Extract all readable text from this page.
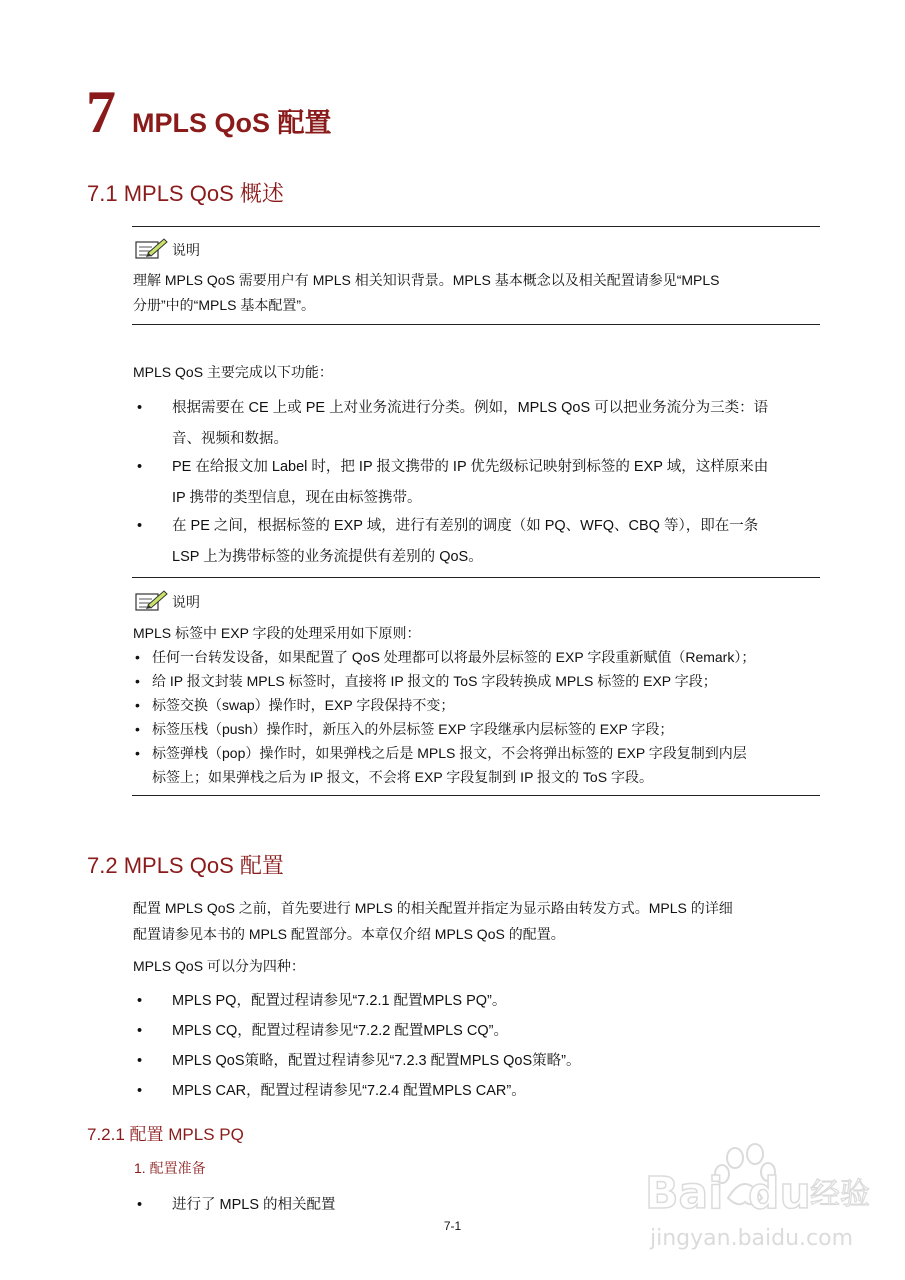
7 MPLS QoS 配置
7.1 MPLS QoS 概述
说明
理解 MPLS QoS 需要用户有 MPLS 相关知识背景。MPLS 基本概念以及相关配置请参见“MPLS
分册”中的“MPLS 基本配置”。

MPLS QoS 主要完成以下功能：

• 根据需要在 CE 上或 PE 上对业务流进行分类。例如，MPLS QoS 可以把业务流分为三类：语
音、视频和数据。
• PE 在给报文加 Label 时，把 IP 报文携带的 IP 优先级标记映射到标签的 EXP 域，这样原来由
IP 携带的类型信息，现在由标签携带。
• 在 PE 之间，根据标签的 EXP 域，进行有差别的调度（如 PQ、WFQ、CBQ 等），即在一条
LSP 上为携带标签的业务流提供有差别的 QoS。
说明
MPLS 标签中 EXP 字段的处理采用如下原则：
• 任何一台转发设备，如果配置了 QoS 处理都可以将最外层标签的 EXP 字段重新赋值（Remark）；
• 给 IP 报文封装 MPLS 标签时，直接将 IP 报文的 ToS 字段转换成 MPLS 标签的 EXP 字段；
• 标签交换（swap）操作时，EXP 字段保持不变；
• 标签压栈（push）操作时，新压入的外层标签 EXP 字段继承内层标签的 EXP 字段；
• 标签弹栈（pop）操作时，如果弹栈之后是 MPLS 报文，不会将弹出标签的 EXP 字段复制到内层
标签上；如果弹栈之后为 IP 报文，不会将 EXP 字段复制到 IP 报文的 ToS 字段。
7.2 MPLS QoS 配置
配置 MPLS QoS 之前，首先要进行 MPLS 的相关配置并指定为显示路由转发方式。MPLS 的详细
配置请参见本书的 MPLS 配置部分。本章仅介绍 MPLS QoS 的配置。

MPLS QoS 可以分为四种：

• MPLS PQ，配置过程请参见“7.2.1 配置MPLS PQ”。
• MPLS CQ，配置过程请参见“7.2.2 配置MPLS CQ”。
• MPLS QoS策略，配置过程请参见“7.2.3 配置MPLS QoS策略”。
• MPLS CAR，配置过程请参见“7.2.4 配置MPLS CAR”。
7.2.1 配置 MPLS PQ
1. 配置准备
• 进行了 MPLS 的相关配置
7-1
Bai du 经验
jingyan.baidu.com
